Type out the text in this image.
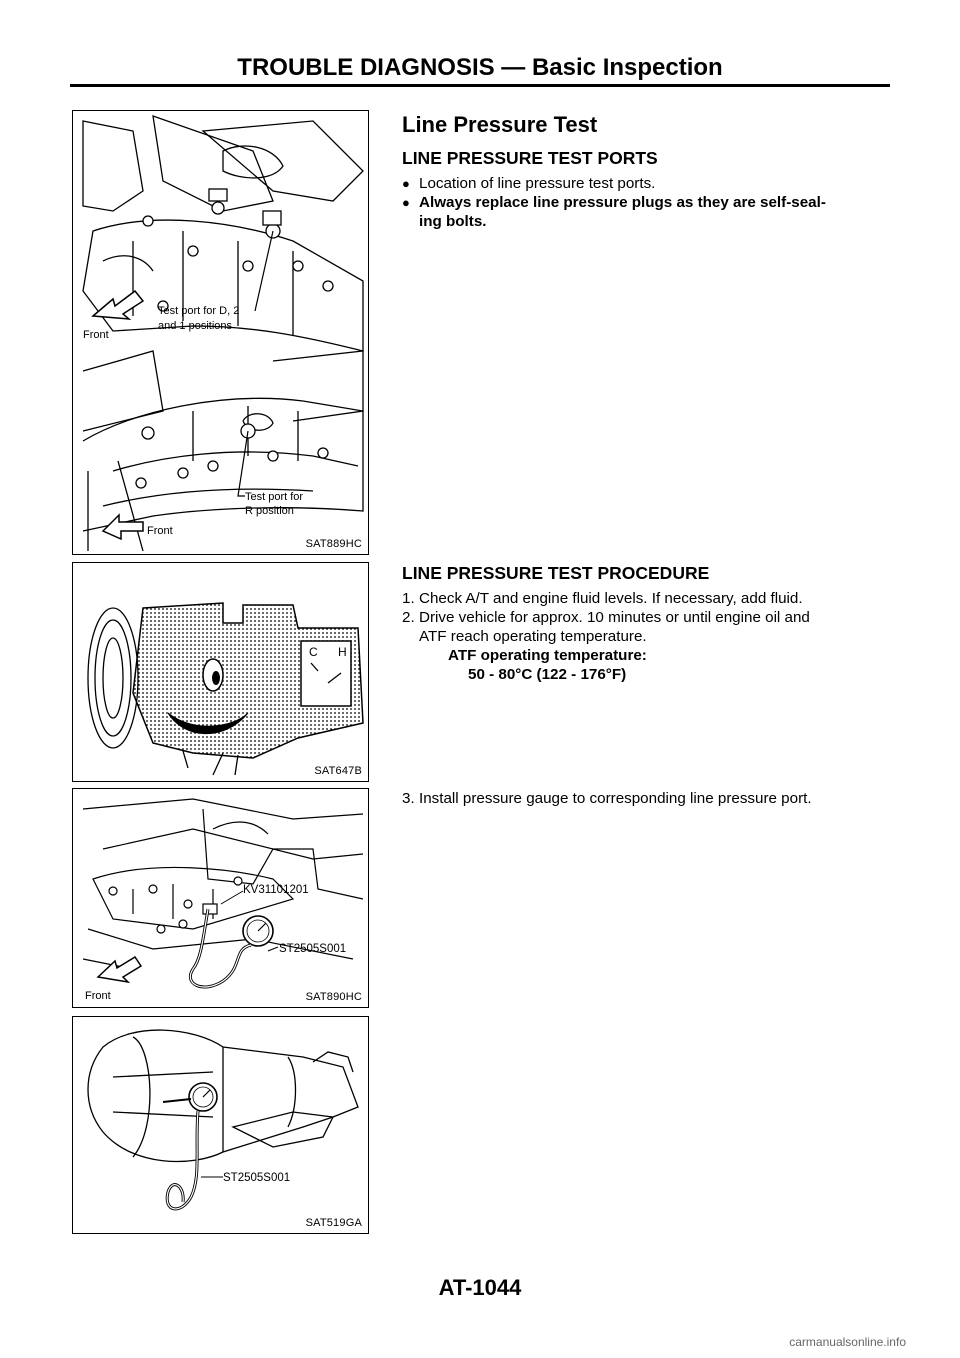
TROUBLE DIAGNOSIS — Basic Inspection
Front
Test port for D, 2
and 1 positions
Test port for
R position
Front
SAT889HC
C H
SAT647B
KV31101201
ST2505S001
Front	SAT890HC
ST2505S001
SAT519GA
Line Pressure Test
LINE PRESSURE TEST PORTS
● Location of line pressure test ports.
● Always replace line pressure plugs as they are self-seal-
ing bolts.
LINE PRESSURE TEST PROCEDURE
1. Check A/T and engine fluid levels. If necessary, add fluid.
2. Drive vehicle for approx. 10 minutes or until engine oil and
ATF reach operating temperature.
ATF operating temperature:
50 - 80°C (122 - 176°F)
3. Install pressure gauge to corresponding line pressure port.
AT-1044
carmanualsonline.info
